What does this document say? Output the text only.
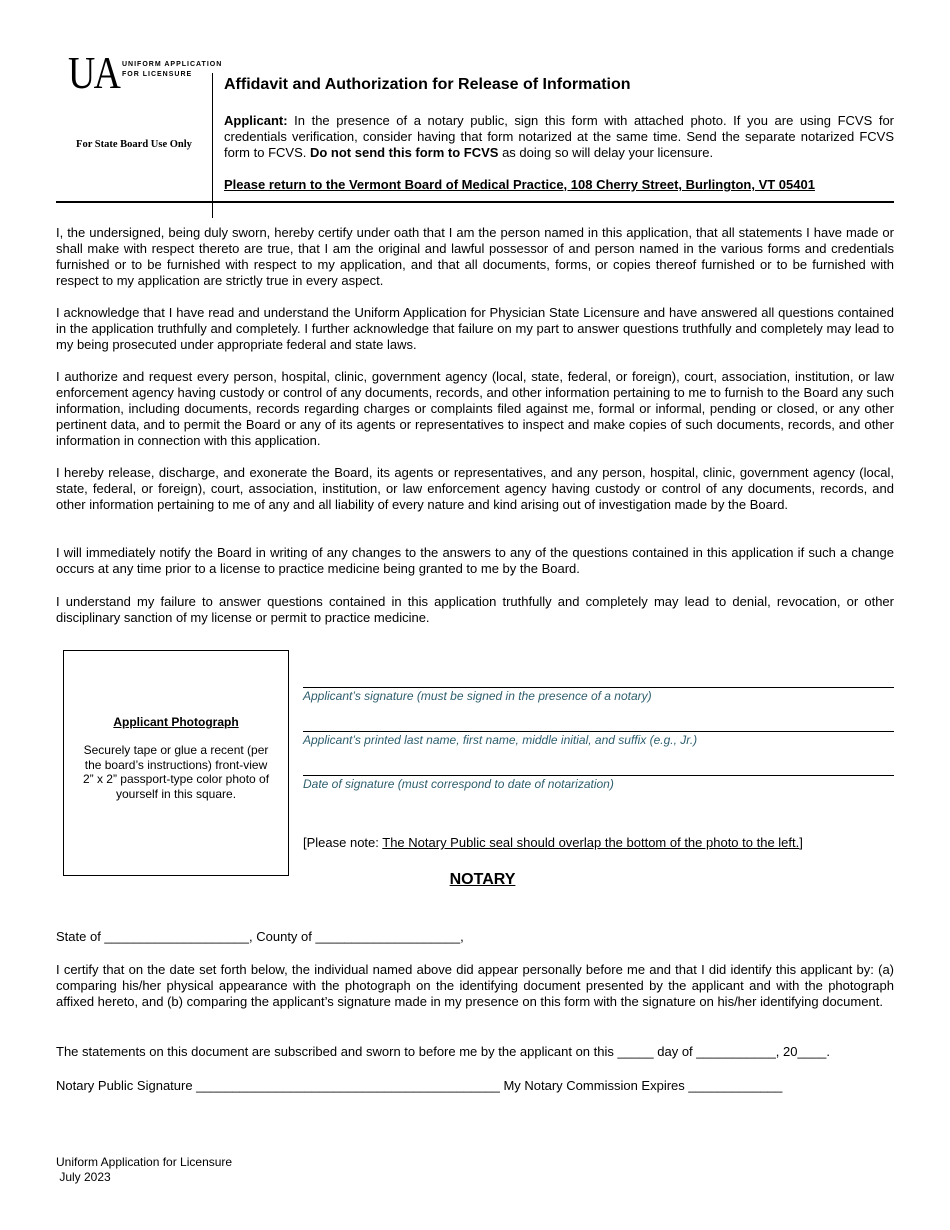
UA UNIFORM APPLICATION
FOR LICENSURE
For State Board Use Only
Affidavit and Authorization for Release of Information
Applicant: In the presence of a notary public, sign this form with attached photo. If you are using FCVS for credentials verification, consider having that form notarized at the same time. Send the separate notarized FCVS form to FCVS. Do not send this form to FCVS as doing so will delay your licensure.
Please return to the Vermont Board of Medical Practice, 108 Cherry Street, Burlington, VT 05401

I, the undersigned, being duly sworn, hereby certify under oath that I am the person named in this application, that all statements I have made or shall make with respect thereto are true, that I am the original and lawful possessor of and person named in the various forms and credentials furnished or to be furnished with respect to my application, and that all documents, forms, or copies thereof furnished or to be furnished with respect to my application are strictly true in every aspect.

I acknowledge that I have read and understand the Uniform Application for Physician State Licensure and have answered all questions contained in the application truthfully and completely. I further acknowledge that failure on my part to answer questions truthfully and completely may lead to my being prosecuted under appropriate federal and state laws.

I authorize and request every person, hospital, clinic, government agency (local, state, federal, or foreign), court, association, institution, or law enforcement agency having custody or control of any documents, records, and other information pertaining to me to furnish to the Board any such information, including documents, records regarding charges or complaints filed against me, formal or informal, pending or closed, or any other pertinent data, and to permit the Board or any of its agents or representatives to inspect and make copies of such documents, records, and other information in connection with this application.

I hereby release, discharge, and exonerate the Board, its agents or representatives, and any person, hospital, clinic, government agency (local, state, federal, or foreign), court, association, institution, or law enforcement agency having custody or control of any documents, records, and other information pertaining to me of any and all liability of every nature and kind arising out of investigation made by the Board.

I will immediately notify the Board in writing of any changes to the answers to any of the questions contained in this application if such a change occurs at any time prior to a license to practice medicine being granted to me by the Board.

I understand my failure to answer questions contained in this application truthfully and completely may lead to denial, revocation, or other disciplinary sanction of my license or permit to practice medicine.

Applicant Photograph
Securely tape or glue a recent (per the board’s instructions) front-view 2” x 2” passport-type color photo of yourself in this square.
Applicant’s signature (must be signed in the presence of a notary)
Applicant’s printed last name, first name, middle initial, and suffix (e.g., Jr.)
Date of signature (must correspond to date of notarization)
[Please note: The Notary Public seal should overlap the bottom of the photo to the left.]
NOTARY
State of ____________________, County of ____________________,

I certify that on the date set forth below, the individual named above did appear personally before me and that I did identify this applicant by: (a) comparing his/her physical appearance with the photograph on the identifying document presented by the applicant and with the photograph affixed hereto, and (b) comparing the applicant’s signature made in my presence on this form with the signature on his/her identifying document.

The statements on this document are subscribed and sworn to before me by the applicant on this _____ day of ___________, 20____.
Notary Public Signature __________________________________________ My Notary Commission Expires _____________
Uniform Application for Licensure
July 2023
